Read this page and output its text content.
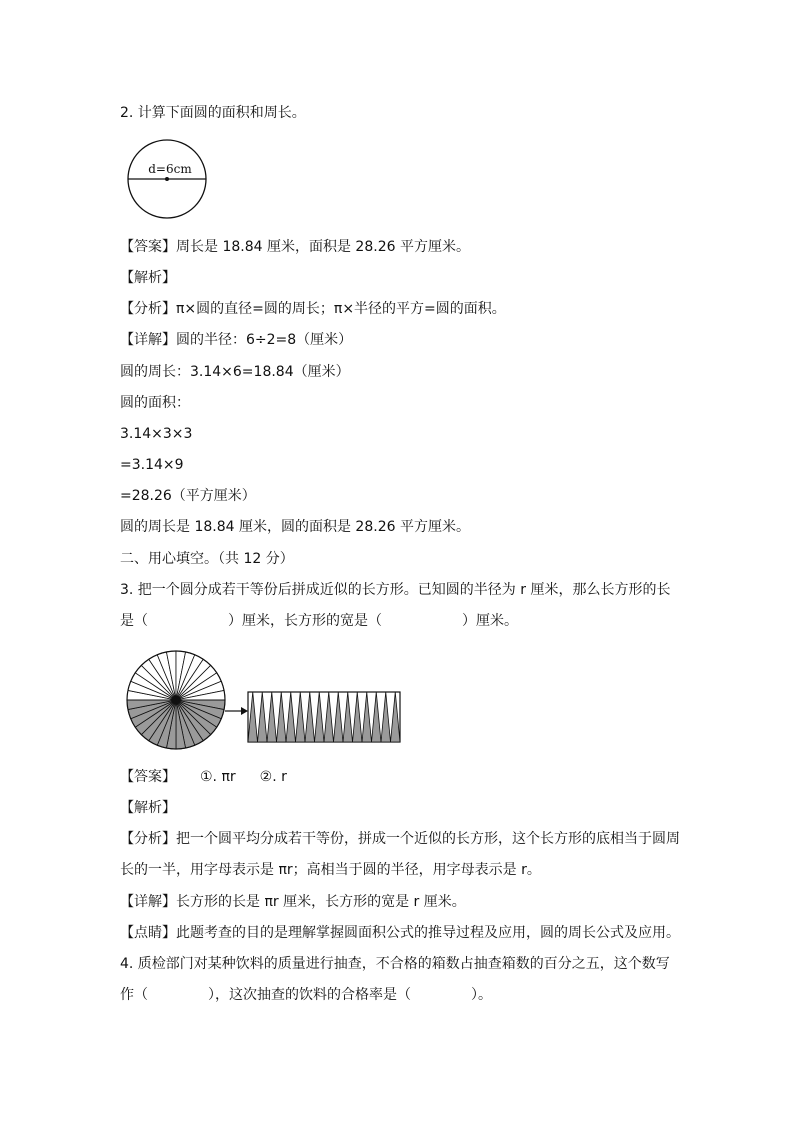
2. 计算下面圆的面积和周长。
d=6cm
【答案】周长是 18.84 厘米，面积是 28.26 平方厘米。
【解析】
【分析】π×圆的直径=圆的周长；π×半径的平方=圆的面积。
【详解】圆的半径：6÷2=8（厘米）
圆的周长：3.14×6=18.84（厘米）
圆的面积：
3.14×3×3
=3.14×9
=28.26（平方厘米）
圆的周长是 18.84 厘米，圆的面积是 28.26 平方厘米。
二、用心填空。（共 12 分）
3. 把一个圆分成若干等份后拼成近似的长方形。已知圆的半径为 r 厘米，那么长方形的长
是（	）厘米，长方形的宽是（	）厘米。
【答案】 ①. πr ②. r
【解析】
【分析】把一个圆平均分成若干等份，拼成一个近似的长方形，这个长方形的底相当于圆周
长的一半，用字母表示是 πr；高相当于圆的半径，用字母表示是 r。
【详解】长方形的长是 πr 厘米，长方形的宽是 r 厘米。
【点睛】此题考查的目的是理解掌握圆面积公式的推导过程及应用，圆的周长公式及应用。
4. 质检部门对某种饮料的质量进行抽查，不合格的箱数占抽查箱数的百分之五，这个数写
作（	），这次抽查的饮料的合格率是（	）。
